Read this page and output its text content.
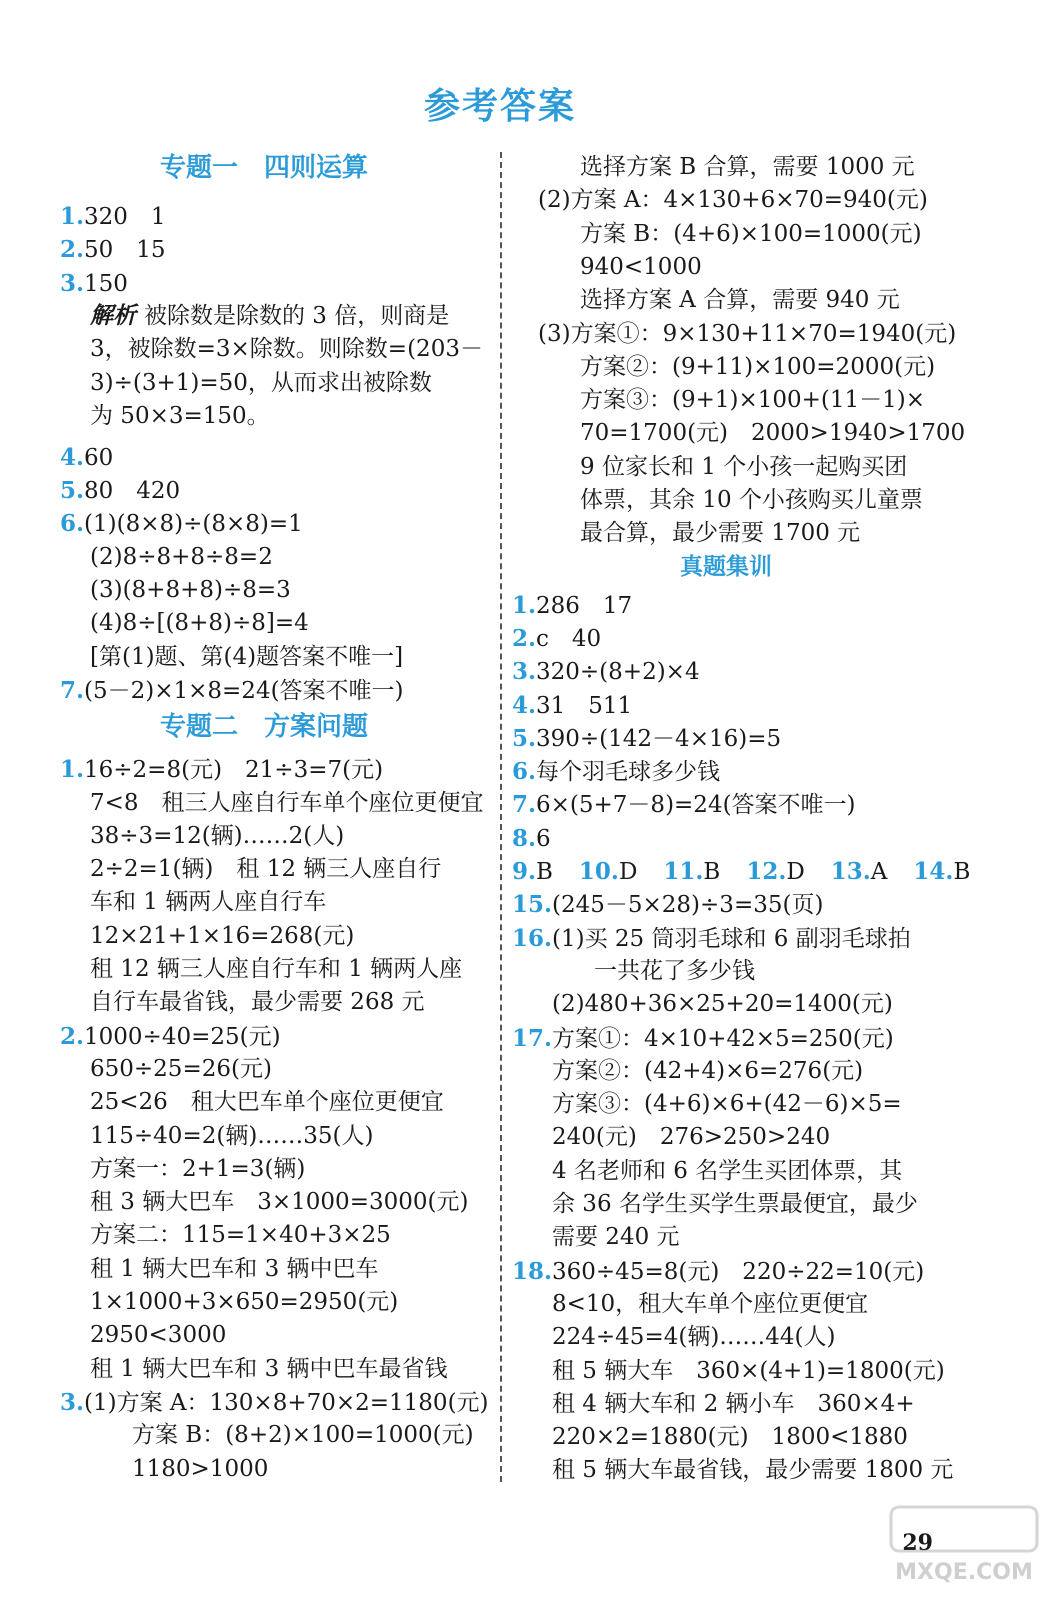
参考答案
专题一　四则运算
1.320　1
2.50　15
3.150
解析 被除数是除数的 3 倍，则商是
3，被除数=3×除数。则除数=(203－
3)÷(3+1)=50，从而求出被除数
为 50×3=150。
4.60
5.80　420
6.(1)(8×8)÷(8×8)=1
(2)8÷8+8÷8=2
(3)(8+8+8)÷8=3
(4)8÷[(8+8)÷8]=4
[第(1)题、第(4)题答案不唯一]
7.(5－2)×1×8=24(答案不唯一)
专题二　方案问题
1.16÷2=8(元)　21÷3=7(元)
7<8　租三人座自行车单个座位更便宜
38÷3=12(辆)……2(人)
2÷2=1(辆)　租 12 辆三人座自行
车和 1 辆两人座自行车
12×21+1×16=268(元)
租 12 辆三人座自行车和 1 辆两人座
自行车最省钱，最少需要 268 元
2.1000÷40=25(元)
650÷25=26(元)
25<26　租大巴车单个座位更便宜
115÷40=2(辆)……35(人)
方案一：2+1=3(辆)
租 3 辆大巴车　3×1000=3000(元)
方案二：115=1×40+3×25
租 1 辆大巴车和 3 辆中巴车
1×1000+3×650=2950(元)
2950<3000
租 1 辆大巴车和 3 辆中巴车最省钱
3.(1)方案 A：130×8+70×2=1180(元)
方案 B：(8+2)×100=1000(元)
1180>1000
选择方案 B 合算，需要 1000 元
(2)方案 A：4×130+6×70=940(元)
方案 B：(4+6)×100=1000(元)
940<1000
选择方案 A 合算，需要 940 元
(3)方案①：9×130+11×70=1940(元)
方案②：(9+11)×100=2000(元)
方案③：(9+1)×100+(11－1)×
70=1700(元)　2000>1940>1700
9 位家长和 1 个小孩一起购买团
体票，其余 10 个小孩购买儿童票
最合算，最少需要 1700 元
真题集训
1.286　17
2.c　40
3.320÷(8+2)×4
4.31　511
5.390÷(142－4×16)=5
6.每个羽毛球多少钱
7.6×(5+7－8)=24(答案不唯一)
8.6
9.B 10.D 11.B 12.D 13.A 14.B
15.(245－5×28)÷3=35(页)
16.(1)买 25 筒羽毛球和 6 副羽毛球拍
一共花了多少钱
(2)480+36×25+20=1400(元)
17.方案①：4×10+42×5=250(元)
方案②：(42+4)×6=276(元)
方案③：(4+6)×6+(42－6)×5=
240(元)　276>250>240
4 名老师和 6 名学生买团体票，其
余 36 名学生买学生票最便宜，最少
需要 240 元
18.360÷45=8(元)　220÷22=10(元)
8<10，租大车单个座位更便宜
224÷45=4(辆)……44(人)
租 5 辆大车　360×(4+1)=1800(元)
租 4 辆大车和 2 辆小车　360×4+
220×2=1880(元)　1800<1880
租 5 辆大车最省钱，最少需要 1800 元
29
MXQE.COM
